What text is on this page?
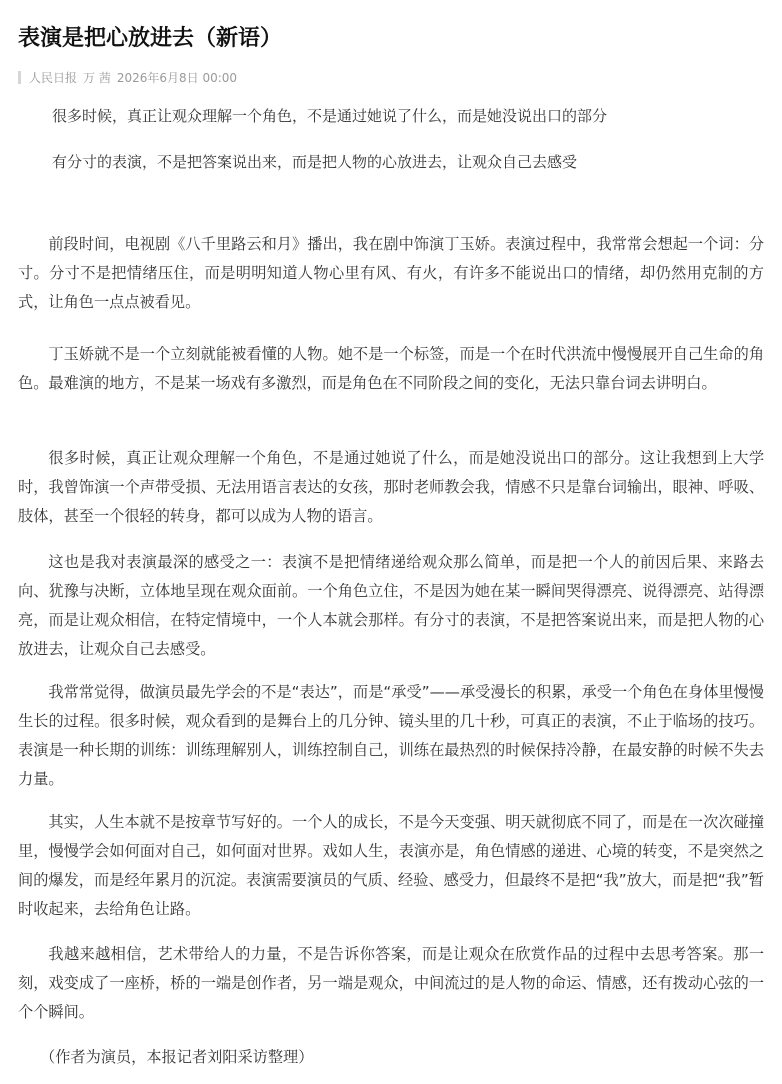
表演是把心放进去（新语）
人民日报 万 茜 2026年6月8日 00:00

很多时候，真正让观众理解一个角色，不是通过她说了什么，而是她没说出口的部分

有分寸的表演，不是把答案说出来，而是把人物的心放进去，让观众自己去感受

前段时间，电视剧《八千里路云和月》播出，我在剧中饰演丁玉娇。表演过程中，我常常会想起一个词：分寸。分寸不是把情绪压住，而是明明知道人物心里有风、有火，有许多不能说出口的情绪，却仍然用克制的方式，让角色一点点被看见。

丁玉娇就不是一个立刻就能被看懂的人物。她不是一个标签，而是一个在时代洪流中慢慢展开自己生命的角色。最难演的地方，不是某一场戏有多激烈，而是角色在不同阶段之间的变化，无法只靠台词去讲明白。

很多时候，真正让观众理解一个角色，不是通过她说了什么，而是她没说出口的部分。这让我想到上大学时，我曾饰演一个声带受损、无法用语言表达的女孩，那时老师教会我，情感不只是靠台词输出，眼神、呼吸、肢体，甚至一个很轻的转身，都可以成为人物的语言。

这也是我对表演最深的感受之一：表演不是把情绪递给观众那么简单，而是把一个人的前因后果、来路去向、犹豫与决断，立体地呈现在观众面前。一个角色立住，不是因为她在某一瞬间哭得漂亮、说得漂亮、站得漂亮，而是让观众相信，在特定情境中，一个人本就会那样。有分寸的表演，不是把答案说出来，而是把人物的心放进去，让观众自己去感受。

我常常觉得，做演员最先学会的不是“表达”，而是“承受”——承受漫长的积累，承受一个角色在身体里慢慢生长的过程。很多时候，观众看到的是舞台上的几分钟、镜头里的几十秒，可真正的表演，不止于临场的技巧。表演是一种长期的训练：训练理解别人，训练控制自己，训练在最热烈的时候保持冷静，在最安静的时候不失去力量。

其实，人生本就不是按章节写好的。一个人的成长，不是今天变强、明天就彻底不同了，而是在一次次碰撞里，慢慢学会如何面对自己，如何面对世界。戏如人生，表演亦是，角色情感的递进、心境的转变，不是突然之间的爆发，而是经年累月的沉淀。表演需要演员的气质、经验、感受力，但最终不是把“我”放大，而是把“我”暂时收起来，去给角色让路。

我越来越相信，艺术带给人的力量，不是告诉你答案，而是让观众在欣赏作品的过程中去思考答案。那一刻，戏变成了一座桥，桥的一端是创作者，另一端是观众，中间流过的是人物的命运、情感，还有拨动心弦的一个个瞬间。

（作者为演员，本报记者刘阳采访整理）
